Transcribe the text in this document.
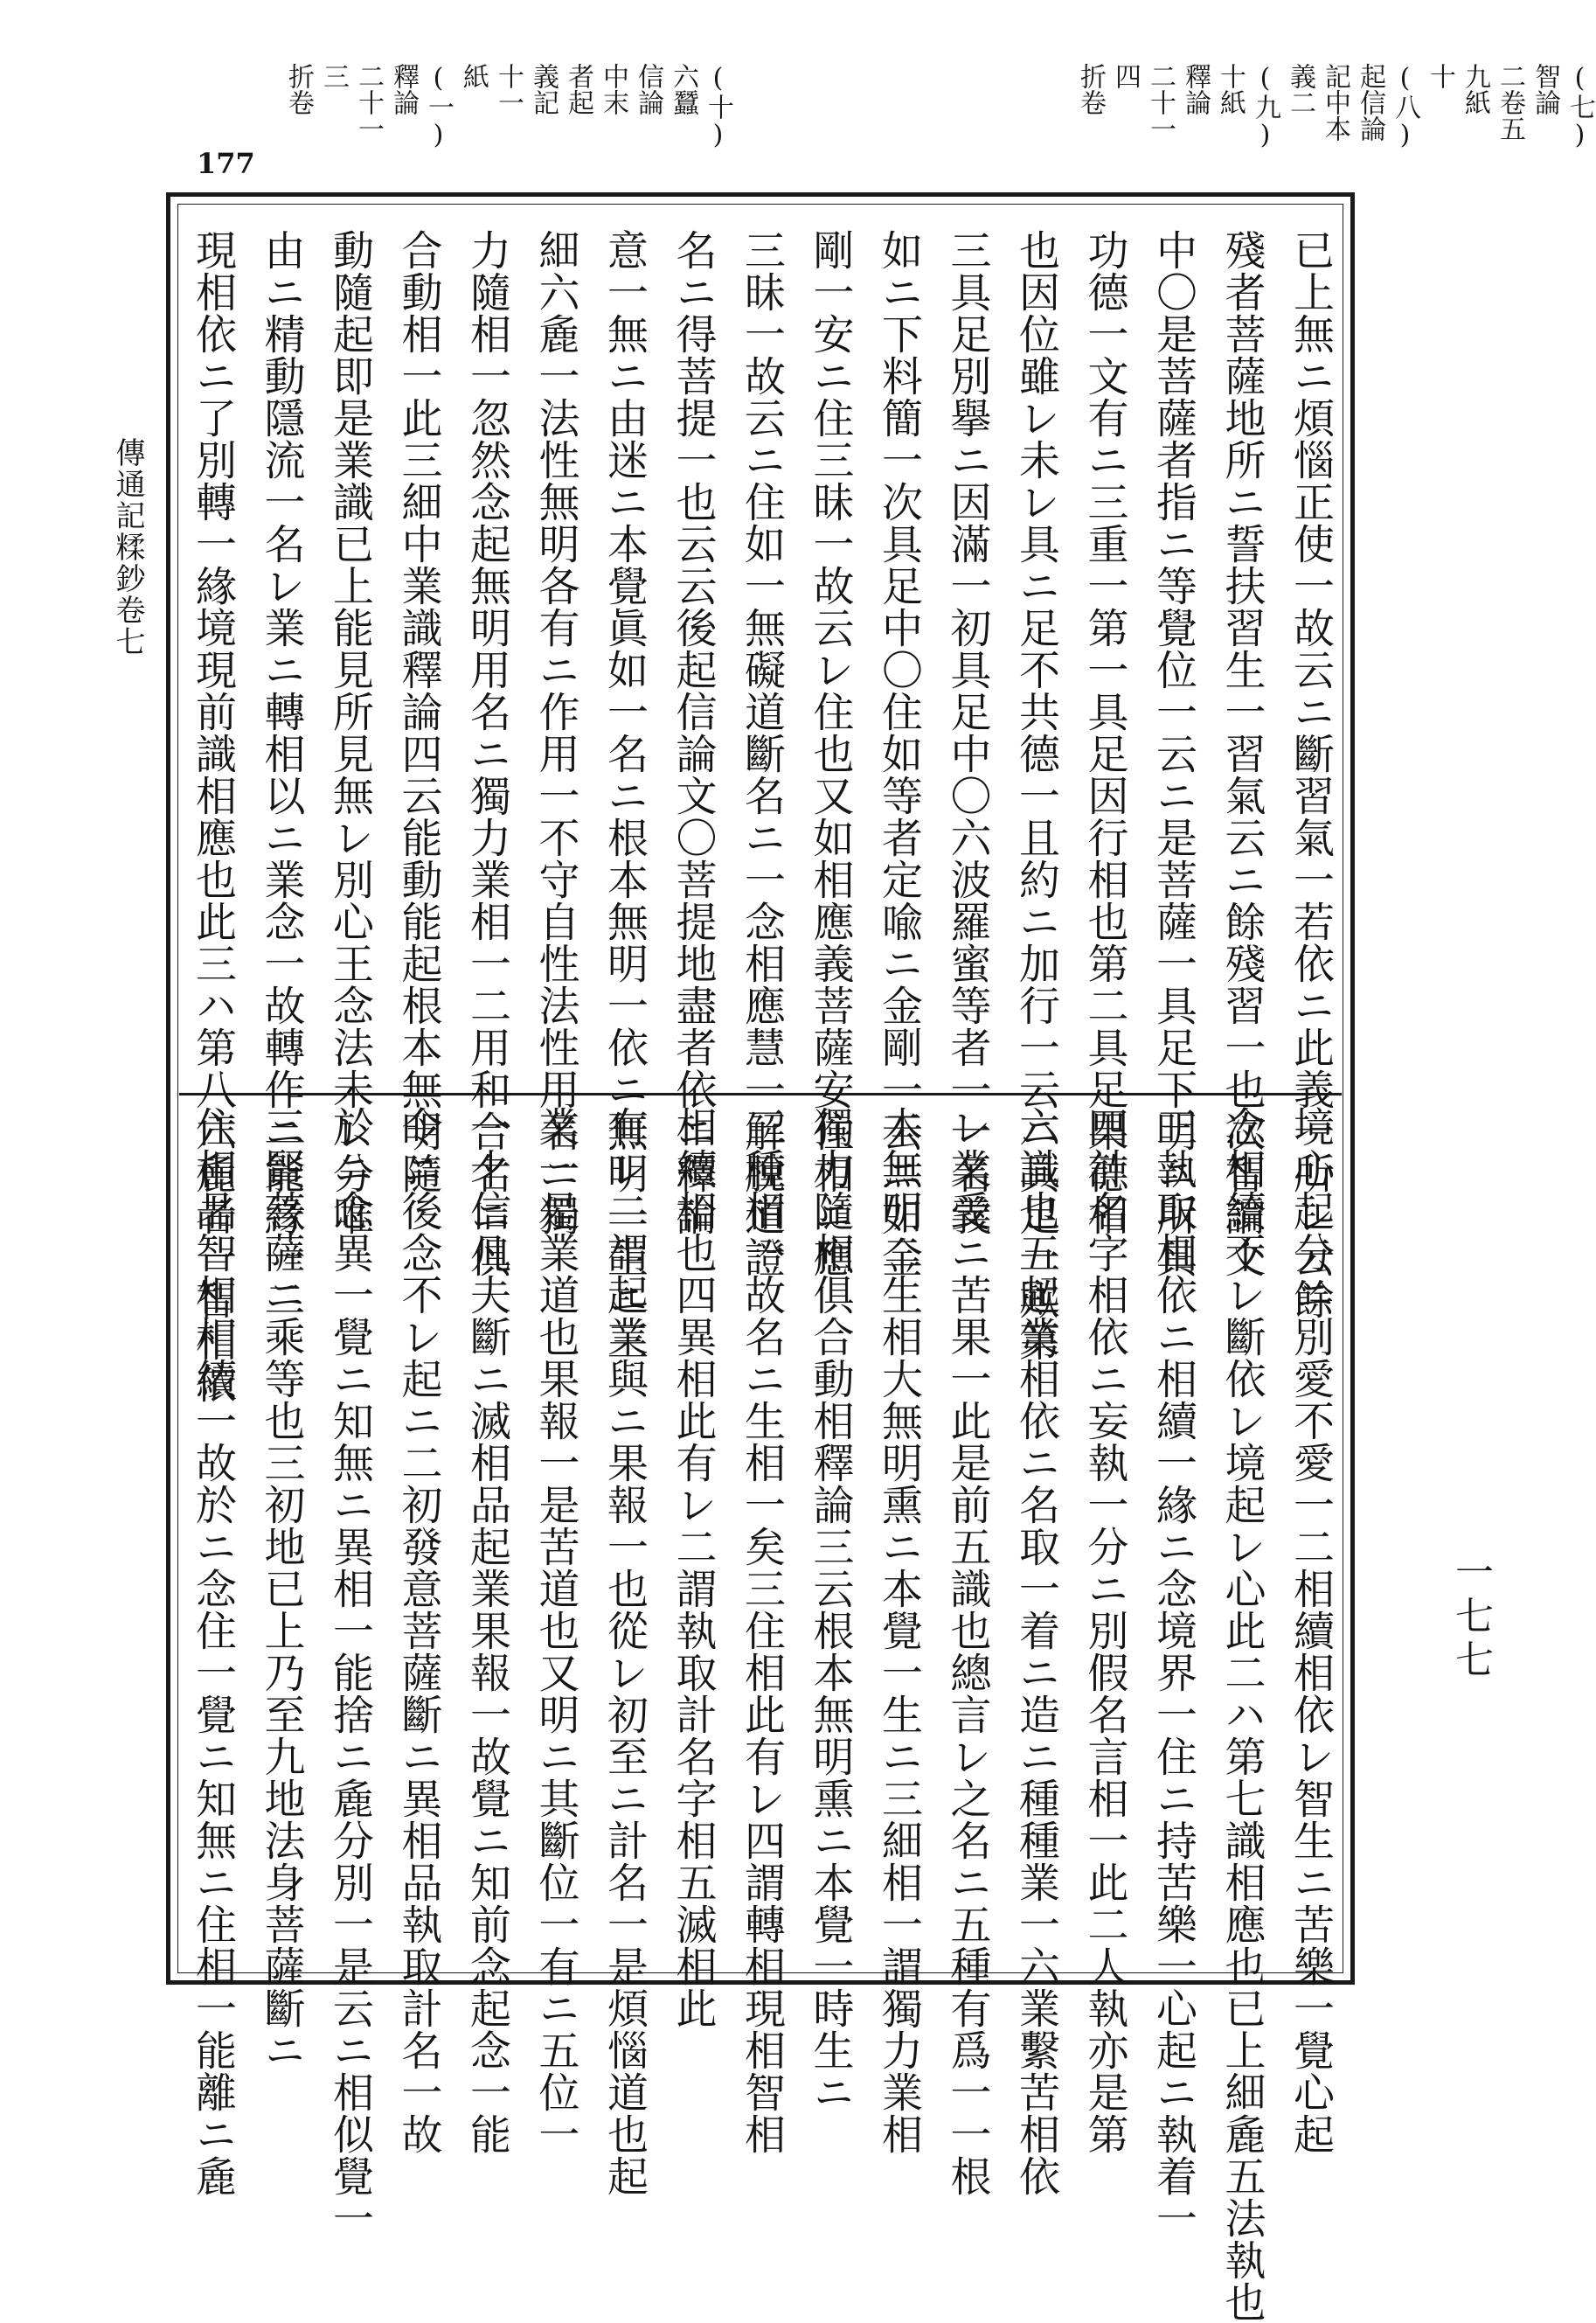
(七)
智論
二卷五
九紙
十
(八)
起信論
記中本
義二
(九)
十紙
釋論
二十一
四
折卷
(十)
六蠶
信論
中末
者起
義記
十一
紙
(一)
釋論
二十一
三
折卷
177
傳通記糅鈔卷七
一七七
已上無ニ煩惱正使一故云ニ斷習氣一若依ニ此義一所レ云餘
殘者菩薩地所ニ誓扶習生一習氣云ニ餘殘習一也次智論文
中〇是菩薩者指ニ等覺位一云ニ是菩薩一具足下明ニ所具
功德一文有ニ三重一第一具足因行相也第二具足果德相
也因位雖レ未レ具ニ足不共德一且約ニ加行一云ニ具足一歟第
三具足別擧ニ因滿一初具足中〇六波羅蜜等者一一名義
如ニ下料簡一次具足中〇住如等者定喩ニ金剛一云ニ如金
剛一安ニ住三昧一故云レ住也又如相應義菩薩安住相ニ應
三昧一故云ニ住如一無礙道斷名ニ一念相應慧一解脫道證
名ニ得菩提一也云云後起信論文〇菩提地盡者依ニ釋論
意一無ニ由迷ニ本覺眞如一名ニ根本無明一依ニ無明一生ニ三
細六麁一法性無明各有ニ作用一不守自性法性用名ニ獨
力隨相一忽然念起無明用名ニ獨力業相一二用和合名ニ俱
合動相一此三細中業識釋論四云能動能起根本無明隨
動隨起即是業識已上能見所見無レ別心王念法未レ分唯
由ニ精動隱流一名レ業ニ轉相以ニ業念一故轉作ニ能緣一二
現相依ニ了別轉一緣境現前識相應也此三ハ第八六麁者一智相依
境心起分ニ別愛不愛一二相續相依レ智生ニ苦樂一覺心起
念相續不レ斷依レ境起レ心此二ハ第七識相應也已上細麁五法執也
三執取相依ニ相續一緣ニ念境界一住ニ持苦樂一心起ニ執着一
四計名字相依ニ妄執一分ニ別假名言相一此二人執亦是第
六識也五起業相依ニ名取一着ニ造ニ種種業一六業繫苦相依
レ業受ニ苦果一此是前五識也總言レ之名ニ五種有爲一一根
本無明二生相大無明熏ニ本覺一生ニ三細相一謂獨力業相
獨力隨相俱合動相釋論三云根本無明熏ニ本覺一時生ニ
三種相一故名ニ生相一矣三住相此有レ四謂轉相現相智相
相續相也四異相此有レ二謂執取計名字相五滅相此
有レ二謂起業與ニ果報一也從レ初至ニ計名一是煩惱道也起
業一是業道也果報一是苦道也又明ニ其斷位一有ニ五位一
一十信凡夫斷ニ滅相品起業果報一故覺ニ知前念起念一能
令ニ後念不レ起ニ二初發意菩薩斷ニ異相品執取計名一故
於ニ念異一覺ニ知無ニ異相一能捨ニ麁分別一是云ニ相似覺一
三賢菩薩ニ乘等也三初地已上乃至九地法身菩薩斷ニ
住相品智相相續一故於ニ念住一覺ニ知無ニ住相一能離ニ麁
